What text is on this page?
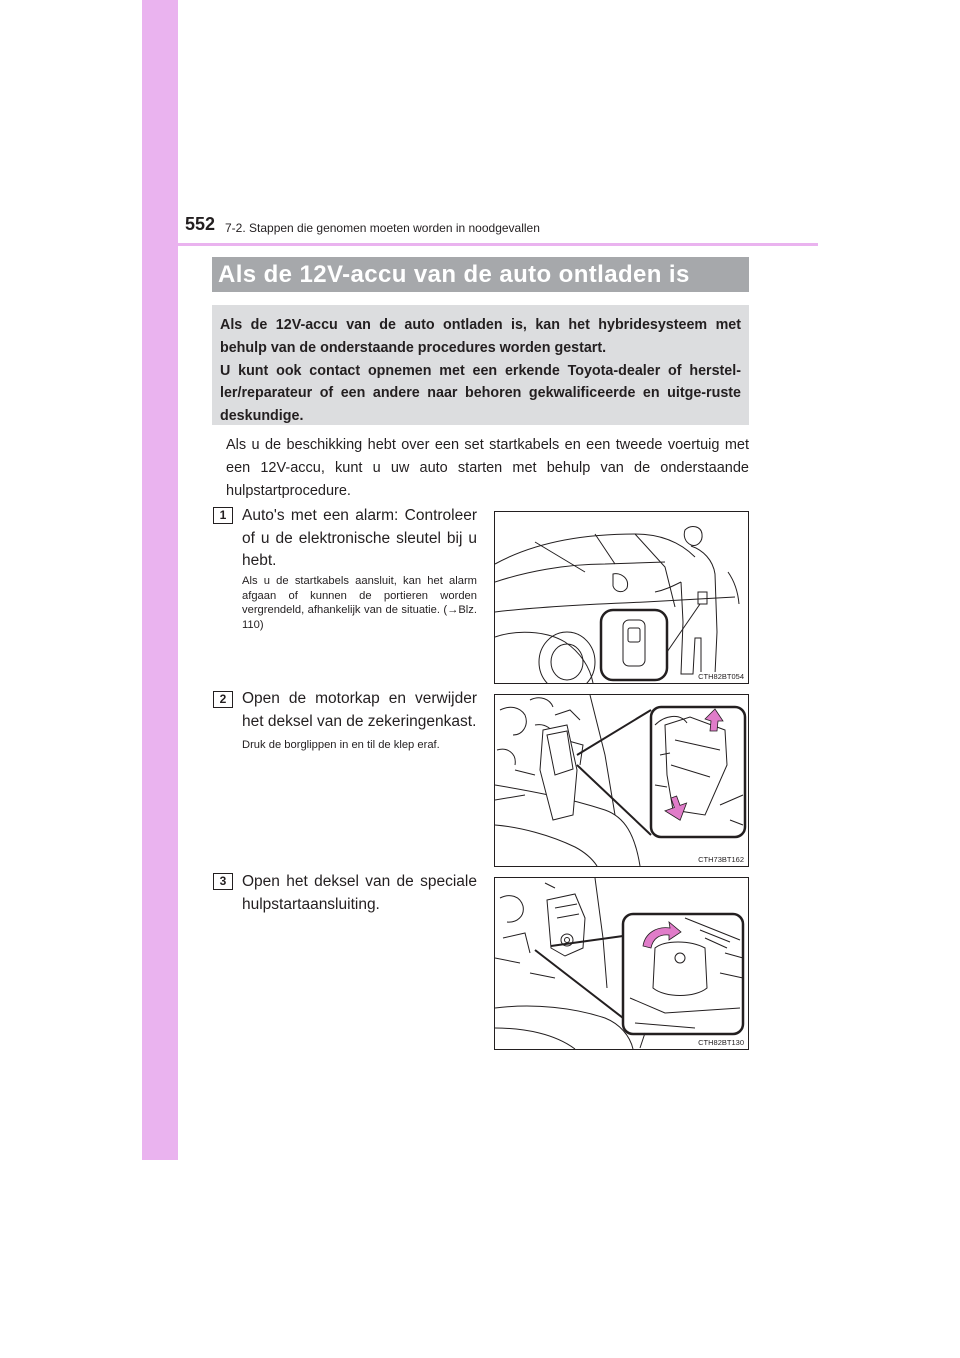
552 7-2. Stappen die genomen moeten worden in noodgevallen
Als de 12V-accu van de auto ontladen is
Als de 12V-accu van de auto ontladen is, kan het hybridesysteem met behulp van de onderstaande procedures worden gestart.
U kunt ook contact opnemen met een erkende Toyota-dealer of herstel-ler/reparateur of een andere naar behoren gekwalificeerde en uitge-ruste deskundige.
Als u de beschikking hebt over een set startkabels en een tweede voertuig met een 12V-accu, kunt u uw auto starten met behulp van de onderstaande hulpstartprocedure.
1	Auto's met een alarm: Controleer of u de elektronische sleutel bij u hebt.
Als u de startkabels aansluit, kan het alarm afgaan of kunnen de portieren worden vergrendeld, afhankelijk van de situatie. (→Blz. 110)
CTH82BT054
2	Open de motorkap en verwijder het deksel van de zekeringenkast.
Druk de borglippen in en til de klep eraf.
CTH73BT162
3	Open het deksel van de speciale hulpstartaansluiting.
CTH82BT130
